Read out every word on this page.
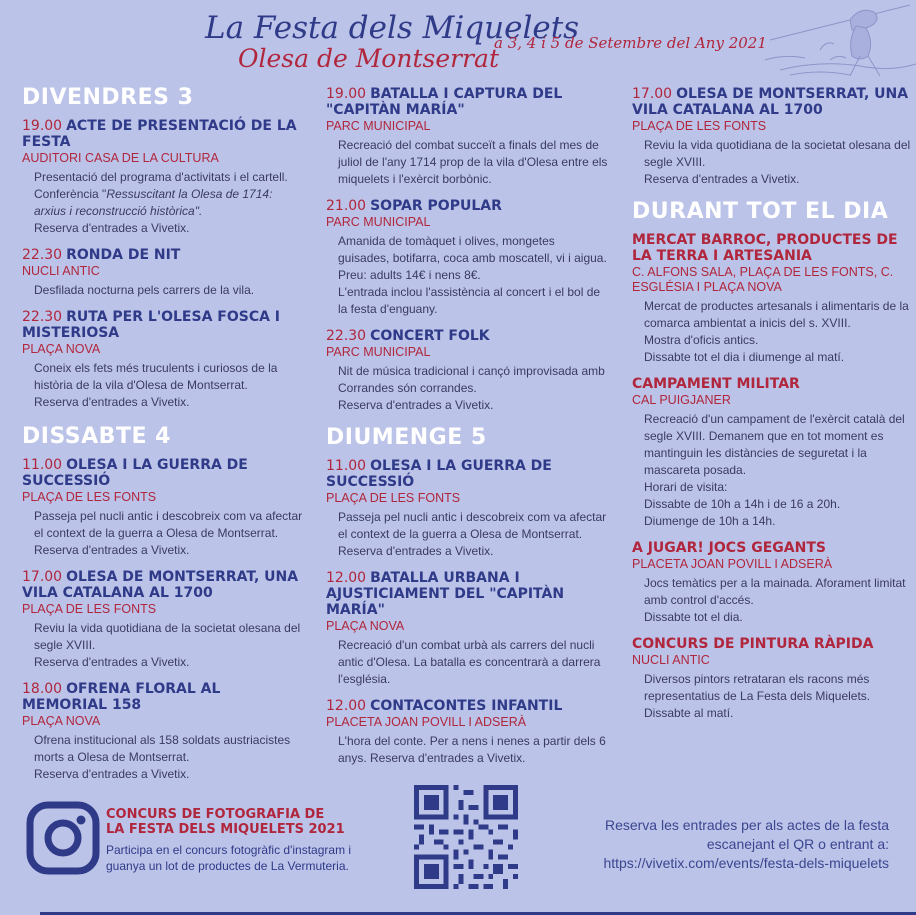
La Festa dels Miquelets
Olesa de Montserrat
a 3, 4 i 5 de Setembre del Any 2021
DIVENDRES 3
19.00 ACTE DE PRESENTACIÓ DE LA FESTA
AUDITORI CASA DE LA CULTURA
Presentació del programa d'activitats i el cartell. Conferència "Ressuscitant la Olesa de 1714: arxius i reconstrucció històrica".
Reserva d'entrades a Vivetix.
22.30 RONDA DE NIT
NUCLI ANTIC
Desfilada nocturna pels carrers de la vila.
22.30 RUTA PER L'OLESA FOSCA I MISTERIOSA
PLAÇA NOVA
Coneix els fets més truculents i curiosos de la història de la vila d'Olesa de Montserrat.
Reserva d'entrades a Vivetix.
DISSABTE 4
11.00 OLESA I LA GUERRA DE SUCCESSIÓ
PLAÇA DE LES FONTS
Passeja pel nucli antic i descobreix com va afectar el context de la guerra a Olesa de Montserrat.
Reserva d'entrades a Vivetix.
17.00 OLESA DE MONTSERRAT, UNA VILA CATALANA AL 1700
PLAÇA DE LES FONTS
Reviu la vida quotidiana de la societat olesana del segle XVIII.
Reserva d'entrades a Vivetix.
18.00 OFRENA FLORAL AL MEMORIAL 158
PLAÇA NOVA
Ofrena institucional als 158 soldats austriacistes morts a Olesa de Montserrat.
Reserva d'entrades a Vivetix.
19.00 BATALLA I CAPTURA DEL "CAPITÀN MARÍA"
PARC MUNICIPAL
Recreació del combat succeït a finals del mes de juliol de l'any 1714 prop de la vila d'Olesa entre els miquelets i l'exèrcit borbònic.
21.00 SOPAR POPULAR
PARC MUNICIPAL
Amanida de tomàquet i olives, mongetes guisades, botifarra, coca amb moscatell, vi i aigua. Preu: adults 14€ i nens 8€.
L'entrada inclou l'assistència al concert i el bol de la festa d'enguany.
22.30 CONCERT FOLK
PARC MUNICIPAL
Nit de música tradicional i cançó improvisada amb Corrandes són corrandes.
Reserva d'entrades a Vivetix.
DIUMENGE 5
11.00 OLESA I LA GUERRA DE SUCCESSIÓ
PLAÇA DE LES FONTS
Passeja pel nucli antic i descobreix com va afectar el context de la guerra a Olesa de Montserrat.
Reserva d'entrades a Vivetix.
12.00 BATALLA URBANA I AJUSTICIAMENT DEL "CAPITÀN MARÍA"
PLAÇA NOVA
Recreació d'un combat urbà als carrers del nucli antic d'Olesa. La batalla es concentrarà a darrera l'església.
12.00 CONTACONTES INFANTIL
PLACETA JOAN POVILL I ADSERÀ
L'hora del conte. Per a nens i nenes a partir dels 6 anys. Reserva d'entrades a Vivetix.
17.00 OLESA DE MONTSERRAT, UNA VILA CATALANA AL 1700
PLAÇA DE LES FONTS
Reviu la vida quotidiana de la societat olesana del segle XVIII.
Reserva d'entrades a Vivetix.
DURANT TOT EL DIA
MERCAT BARROC, PRODUCTES DE LA TERRA I ARTESANIA
C. ALFONS SALA, PLAÇA DE LES FONTS, C. ESGLÉSIA I PLAÇA NOVA
Mercat de productes artesanals i alimentaris de la comarca ambientat a inicis del s. XVIII.
Mostra d'oficis antics.
Dissabte tot el dia i diumenge al matí.
CAMPAMENT MILITAR
CAL PUIGJANER
Recreació d'un campament de l'exèrcit català del segle XVIII. Demanem que en tot moment es mantinguin les distàncies de seguretat i la mascareta posada.
Horari de visita:
Dissabte de 10h a 14h i de 16 a 20h.
Diumenge de 10h a 14h.
A JUGAR! JOCS GEGANTS
PLACETA JOAN POVILL I ADSERÀ
Jocs temàtics per a la mainada. Aforament limitat amb control d'accés.
Dissabte tot el dia.
CONCURS DE PINTURA RÀPIDA
NUCLI ANTIC
Diversos pintors retrataran els racons més representatius de La Festa dels Miquelets.
Dissabte al matí.
CONCURS DE FOTOGRAFIA DE
LA FESTA DELS MIQUELETS 2021
Participa en el concurs fotogràfic d'instagram i guanya un lot de productes de La Vermuteria.
Reserva les entrades per als actes de la festa
escanejant el QR o entrant a:
https://vivetix.com/events/festa-dels-miquelets
